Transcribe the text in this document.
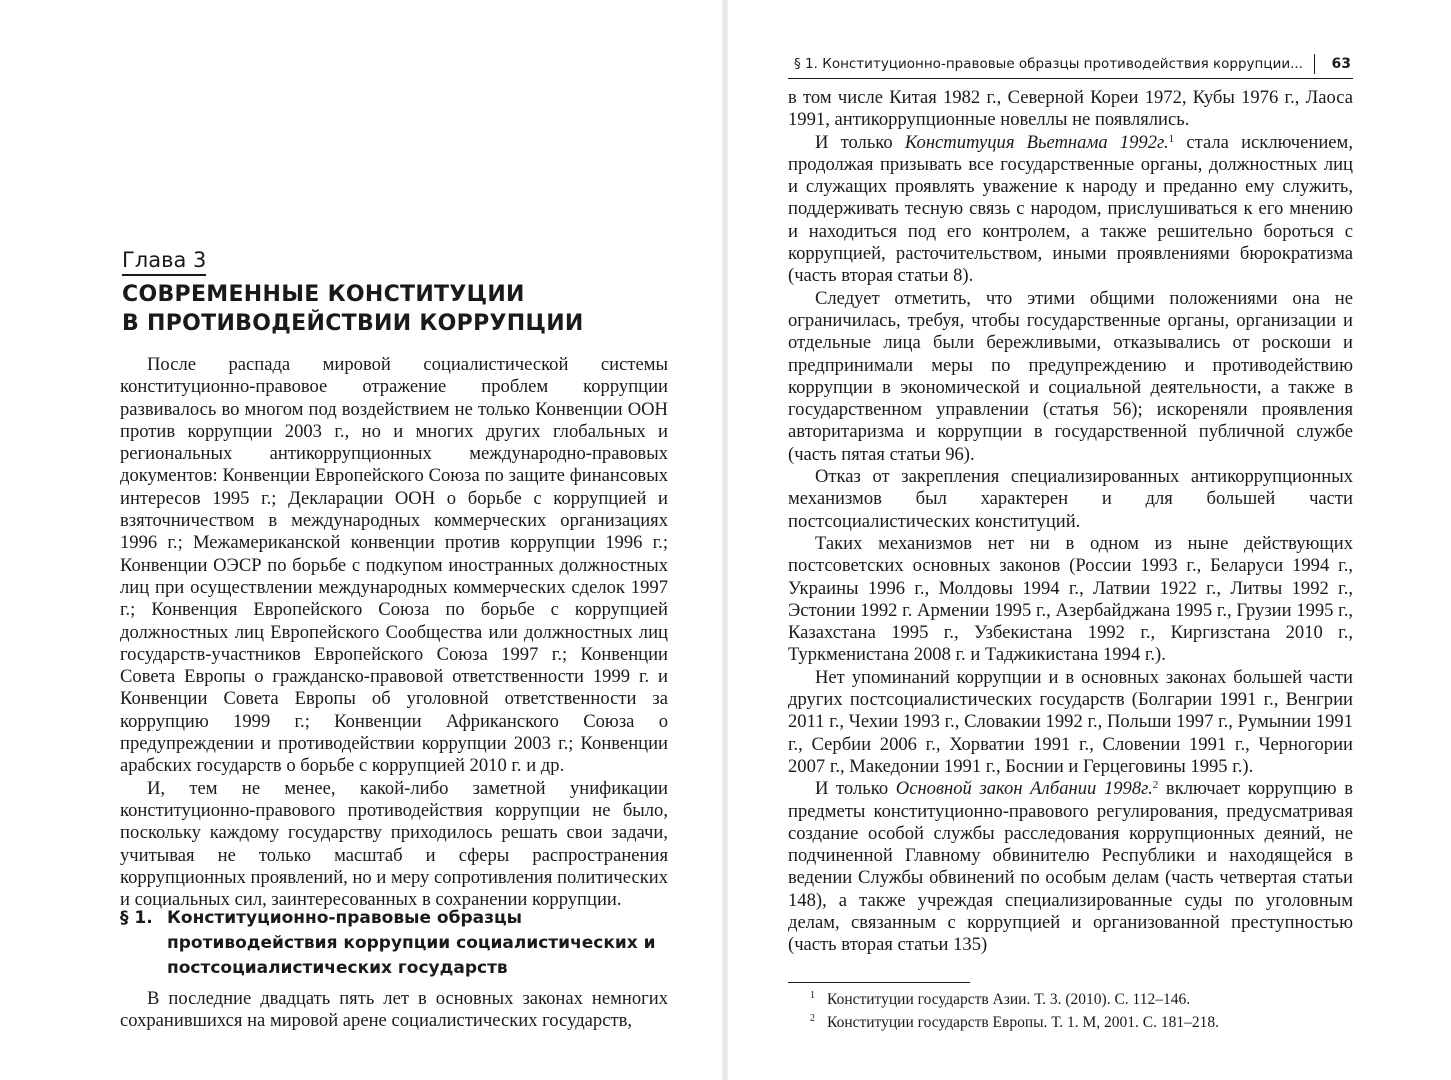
Глава 3
СОВРЕМЕННЫЕ КОНСТИТУЦИИ
В ПРОТИВОДЕЙСТВИИ КОРРУПЦИИ

После распада мировой социалистической системы конституционно-правовое отражение проблем коррупции развивалось во многом под воздействием не только Конвенции ООН против коррупции 2003 г., но и многих других глобальных и региональных антикоррупционных международно-правовых документов: Конвенции Европейского Союза по защите финансовых интересов 1995 г.; Декларации ООН о борьбе с коррупцией и взяточничеством в международных коммерческих организациях 1996 г.; Межамериканской конвенции против коррупции 1996 г.; Конвенции ОЭСР по борьбе с подкупом иностранных должностных лиц при осуществлении международных коммерческих сделок 1997 г.; Конвенция Европейского Союза по борьбе с коррупцией должностных лиц Европейского Сообщества или должностных лиц государств-участников Европейского Союза 1997 г.; Конвенции Совета Европы о гражданско-правовой ответственности 1999 г. и Конвенции Совета Европы об уголовной ответственности за коррупцию 1999 г.; Конвенции Африканского Союза о предупреждении и противодействии коррупции 2003 г.; Конвенции арабских государств о борьбе с коррупцией 2010 г. и др.

И, тем не менее, какой-либо заметной унификации конституционно-правового противодействия коррупции не было, поскольку каждому государству приходилось решать свои задачи, учитывая не только масштаб и сферы распространения коррупционных проявлений, но и меру сопротивления политических и социальных сил, заинтересованных в сохранении коррупции.

§ 1. Конституционно-правовые образцы противодействия коррупции социалистических и постсоциалистических государств

В последние двадцать пять лет в основных законах немногих сохранившихся на мировой арене социалистических государств,

§ 1. Конституционно-правовые образцы противодействия коррупции... 63

в том числе Китая 1982 г., Северной Кореи 1972, Кубы 1976 г., Лаоса 1991, антикоррупционные новеллы не появлялись.

И только Конституция Вьетнама 1992г.$^1$ стала исключением, продолжая призывать все государственные органы, должностных лиц и служащих проявлять уважение к народу и преданно ему служить, поддерживать тесную связь с народом, прислушиваться к его мнению и находиться под его контролем, а также решительно бороться с коррупцией, расточительством, иными проявлениями бюрократизма (часть вторая статьи 8).

Следует отметить, что этими общими положениями она не ограничилась, требуя, чтобы государственные органы, организации и отдельные лица были бережливыми, отказывались от роскоши и предпринимали меры по предупреждению и противодействию коррупции в экономической и социальной деятельности, а также в государственном управлении (статья 56); искореняли проявления авторитаризма и коррупции в государственной публичной службе (часть пятая статьи 96).

Отказ от закрепления специализированных антикоррупционных механизмов был характерен и для большей части постсоциалистических конституций.

Таких механизмов нет ни в одном из ныне действующих постсоветских основных законов (России 1993 г., Беларуси 1994 г., Украины 1996 г., Молдовы 1994 г., Латвии 1922 г., Литвы 1992 г., Эстонии 1992 г. Армении 1995 г., Азербайджана 1995 г., Грузии 1995 г., Казахстана 1995 г., Узбекистана 1992 г., Киргизстана 2010 г., Туркменистана 2008 г. и Таджикистана 1994 г.).

Нет упоминаний коррупции и в основных законах большей части других постсоциалистических государств (Болгарии 1991 г., Венгрии 2011 г., Чехии 1993 г., Словакии 1992 г., Польши 1997 г., Румынии 1991 г., Сербии 2006 г., Хорватии 1991 г., Словении 1991 г., Черногории 2007 г., Македонии 1991 г., Боснии и Герцеговины 1995 г.).

И только Основной закон Албании 1998г.$^2$ включает коррупцию в предметы конституционно-правового регулирования, предусматривая создание особой службы расследования коррупционных деяний, не подчиненной Главному обвинителю Республики и находящейся в ведении Службы обвинений по особым делам (часть четвертая статьи 148), а также учреждая специализированные суды по уголовным делам, связанным с коррупцией и организованной преступностью (часть вторая статьи 135)

1 Конституции государств Азии. Т. 3. (2010). С. 112–146.

2 Конституции государств Европы. Т. 1. М, 2001. С. 181–218.
